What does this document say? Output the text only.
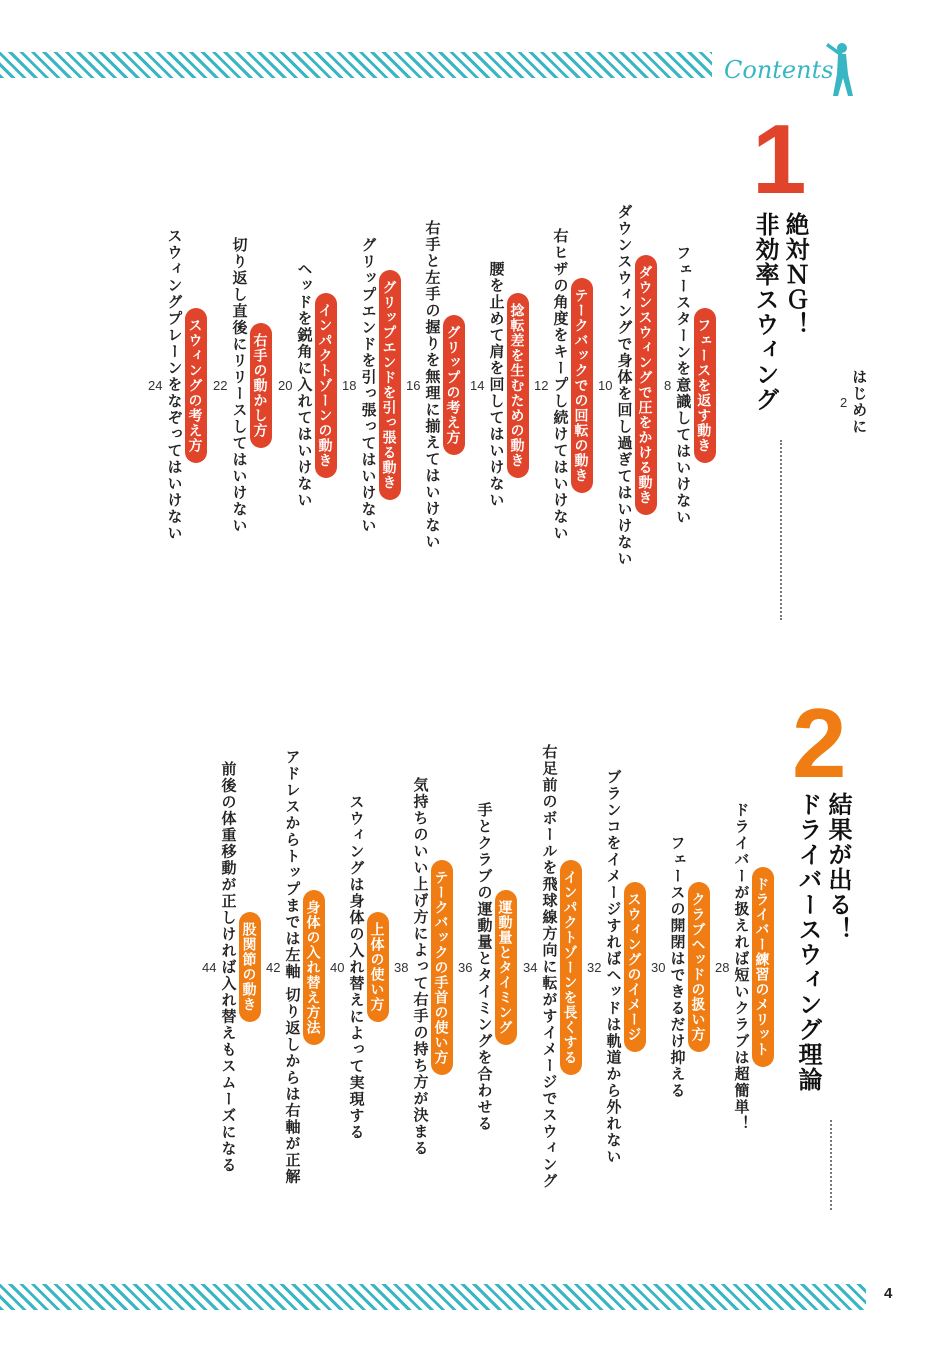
Contents
4
はじめに
2
1
絶対ＮＧ！
非効率スウィング
フェースを返す動き
フェースターンを意識してはいけない
8
ダウンスウィングで圧をかける動き
ダウンスウィングで身体を回し過ぎてはいけない
10
テークバックでの回転の動き
右ヒザの角度をキープし続けてはいけない
12
捻転差を生むための動き
腰を止めて肩を回してはいけない
14
グリップの考え方
右手と左手の握りを無理に揃えてはいけない
16
グリップエンドを引っ張る動き
グリップエンドを引っ張ってはいけない
18
インパクトゾーンの動き
ヘッドを鋭角に入れてはいけない
20
右手の動かし方
切り返し直後にリリースしてはいけない
22
スウィングの考え方
スウィングプレーンをなぞってはいけない
24
2
結果が出る！
ドライバースウィング理論
ドライバー練習のメリット
ドライバーが扱えれば短いクラブは超簡単！
28
クラブヘッドの扱い方
フェースの開閉はできるだけ抑える
30
スウィングのイメージ
ブランコをイメージすればヘッドは軌道から外れない
32
インパクトゾーンを長くする
右足前のボールを飛球線方向に転がすイメージでスウィング
34
運動量とタイミング
手とクラブの運動量とタイミングを合わせる
36
テークバックの手首の使い方
気持ちのいい上げ方によって右手の持ち方が決まる
38
上体の使い方
スウィングは身体の入れ替えによって実現する
40
身体の入れ替え方法
アドレスからトップまでは左軸 切り返しからは右軸が正解
42
股関節の動き
前後の体重移動が正しければ入れ替えもスムーズになる
44
